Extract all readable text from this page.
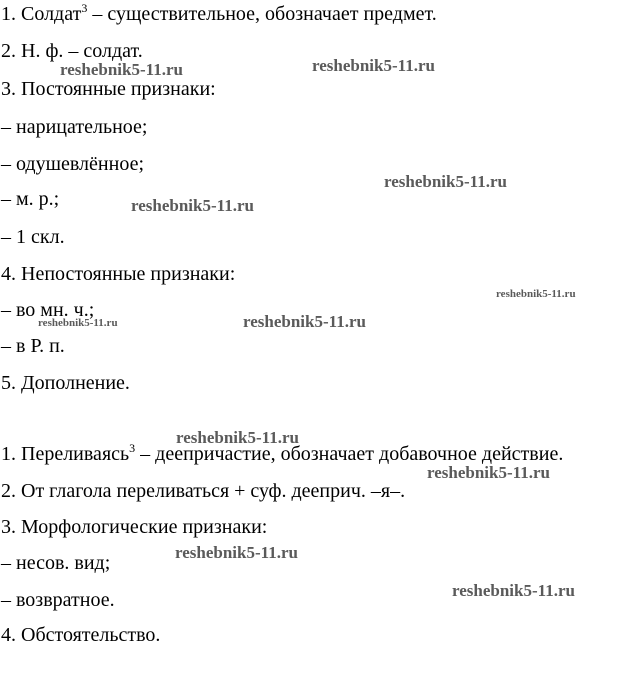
1. Солдат$^3$ – существительное, обозначает предмет.
2. Н. ф. – солдат.
3. Постоянные признаки:
– нарицательное;
– одушевлённое;
– м. р.;
– 1 скл.
4. Непостоянные признаки:
– во мн. ч.;
– в Р. п.
5. Дополнение.
1. Переливаясь$^3$ – деепричастие, обозначает добавочное действие.
2. От глагола переливаться + суф. дееприч. –я–.
3. Морфологические признаки:
– несов. вид;
– возвратное.
4. Обстоятельство.
reshebnik5-11.ru	reshebnik5-11.ru
reshebnik5-11.ru
reshebnik5-11.ru
reshebnik5-11.ru
reshebnik5-11.ru	reshebnik5-11.ru
reshebnik5-11.ru
reshebnik5-11.ru
reshebnik5-11.ru
reshebnik5-11.ru
